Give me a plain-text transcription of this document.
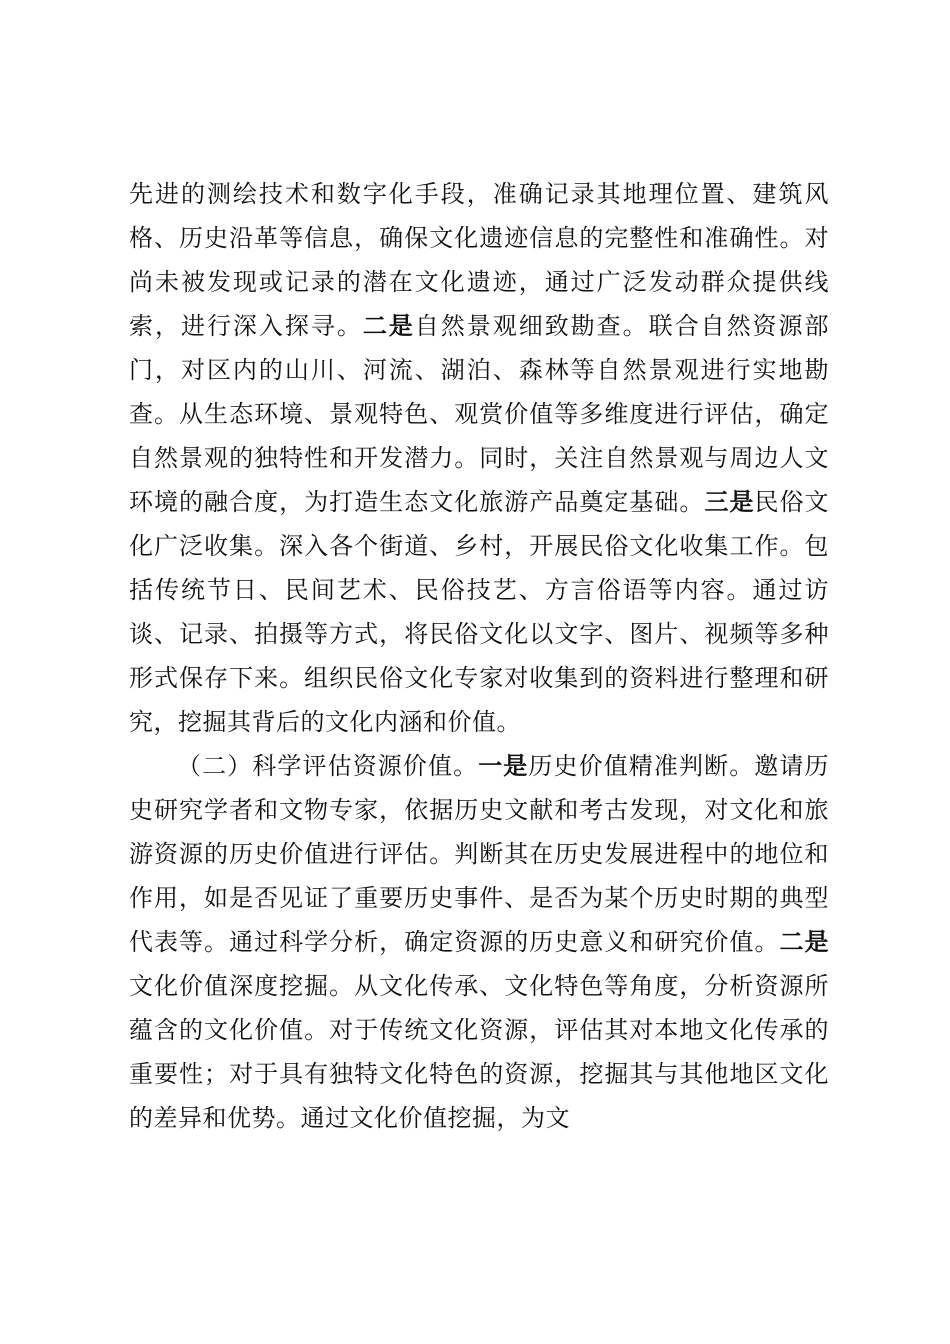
先进的测绘技术和数字化手段，准确记录其地理位置、建筑风格、历史沿革等信息，确保文化遗迹信息的完整性和准确性。对尚未被发现或记录的潜在文化遗迹，通过广泛发动群众提供线索，进行深入探寻。二是自然景观细致勘查。联合自然资源部门，对区内的山川、河流、湖泊、森林等自然景观进行实地勘查。从生态环境、景观特色、观赏价值等多维度进行评估，确定自然景观的独特性和开发潜力。同时，关注自然景观与周边人文环境的融合度，为打造生态文化旅游产品奠定基础。三是民俗文化广泛收集。深入各个街道、乡村，开展民俗文化收集工作。包括传统节日、民间艺术、民俗技艺、方言俗语等内容。通过访谈、记录、拍摄等方式，将民俗文化以文字、图片、视频等多种形式保存下来。组织民俗文化专家对收集到的资料进行整理和研究，挖掘其背后的文化内涵和价值。

（二）科学评估资源价值。一是历史价值精准判断。邀请历史研究学者和文物专家，依据历史文献和考古发现，对文化和旅游资源的历史价值进行评估。判断其在历史发展进程中的地位和作用，如是否见证了重要历史事件、是否为某个历史时期的典型代表等。通过科学分析，确定资源的历史意义和研究价值。二是文化价值深度挖掘。从文化传承、文化特色等角度，分析资源所蕴含的文化价值。对于传统文化资源，评估其对本地文化传承的重要性；对于具有独特文化特色的资源，挖掘其与其他地区文化的差异和优势。通过文化价值挖掘，为文
